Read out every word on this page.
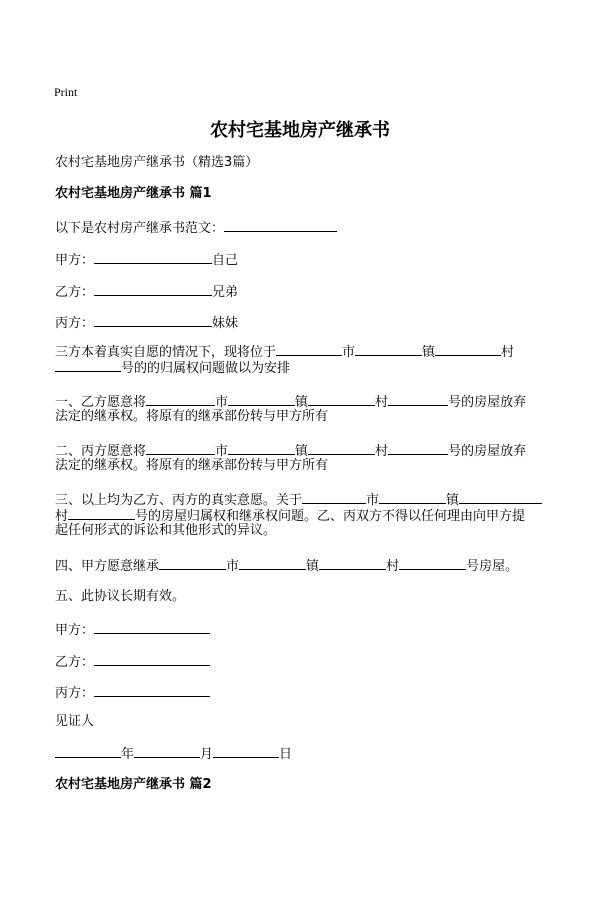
Print
农村宅基地房产继承书
农村宅基地房产继承书（精选3篇）
农村宅基地房产继承书 篇1
以下是农村房产继承书范文：
甲方：	自己
乙方：	兄弟
丙方：	妹妹
三方本着真实自愿的情况下，现将位于	市	镇	村
号的的归属权问题做以为安排
一、乙方愿意将	市	镇	村	号的房屋放弃
法定的继承权。将原有的继承部份转与甲方所有
二、丙方愿意将	市	镇	村	号的房屋放弃
法定的继承权。将原有的继承部份转与甲方所有
三、以上均为乙方、丙方的真实意愿。关于	市	镇
村	号的房屋归属权和继承权问题。乙、丙双方不得以任何理由向甲方提
起任何形式的诉讼和其他形式的异议。
四、甲方愿意继承	市	镇	村	号房屋。
五、此协议长期有效。
甲方：
乙方：
丙方：
见证人
年	月	日
农村宅基地房产继承书 篇2
